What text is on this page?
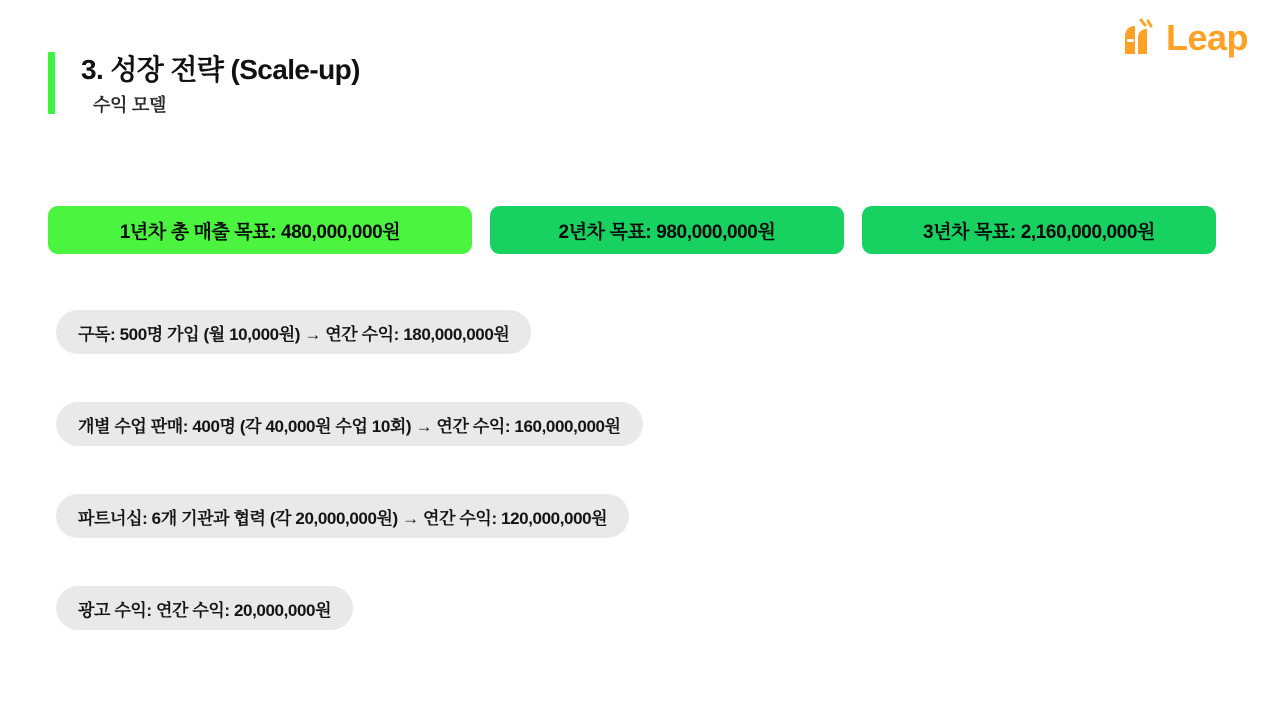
Leap
3. 성장 전략 (Scale-up)
수익 모델
1년차 총 매출 목표: 480,000,000원	2년차 목표: 980,000,000원	3년차 목표: 2,160,000,000원
구독: 500명 가입 (월 10,000원) → 연간 수익: 180,000,000원
개별 수업 판매: 400명 (각 40,000원 수업 10회) → 연간 수익: 160,000,000원
파트너십: 6개 기관과 협력 (각 20,000,000원) → 연간 수익: 120,000,000원
광고 수익: 연간 수익: 20,000,000원
